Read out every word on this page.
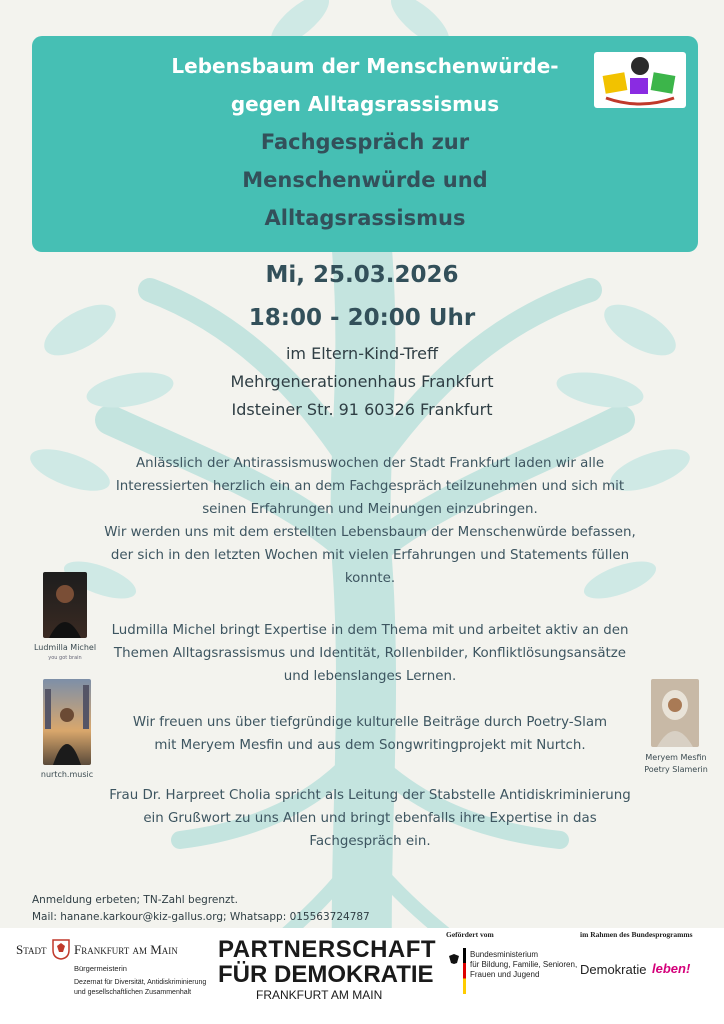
Lebensbaum der Menschenwürde-
gegen Alltagsrassismus
Fachgespräch zur
Menschenwürde und
Alltagsrassismus
Mi, 25.03.2026
18:00 - 20:00 Uhr
im Eltern-Kind-Treff
Mehrgenerationenhaus Frankfurt
Idsteiner Str. 91 60326 Frankfurt
Anlässlich der Antirassismuswochen der Stadt Frankfurt laden wir alle
Interessierten herzlich ein an dem Fachgespräch teilzunehmen und sich mit
seinen Erfahrungen und Meinungen einzubringen.
Wir werden uns mit dem erstellten Lebensbaum der Menschenwürde befassen,
der sich in den letzten Wochen mit vielen Erfahrungen und Statements füllen
konnte.
Ludmilla Michel bringt Expertise in dem Thema mit und arbeitet aktiv an den
Themen Alltagsrassismus und Identität, Rollenbilder, Konfliktlösungsansätze
und lebenslanges Lernen.
Wir freuen uns über tiefgründige kulturelle Beiträge durch Poetry-Slam
mit Meryem Mesfin und aus dem Songwritingprojekt mit Nurtch.
Frau Dr. Harpreet Cholia spricht als Leitung der Stabstelle Antidiskriminierung
ein Grußwort zu uns Allen und bringt ebenfalls ihre Expertise in das
Fachgespräch ein.
Ludmilla Michel
you got brain
nurtch.music
Meryem Mesfin
Poetry Slamerin
Anmeldung erbeten; TN-Zahl begrenzt.
Mail: hanane.karkour@kiz-gallus.org; Whatsapp: 015563724787
Stadt Frankfurt am Main
Bürgermeisterin
Dezernat für Diversität, Antidiskriminierung
und gesellschaftlichen Zusammenhalt
PARTNERSCHAFT
FÜR DEMOKRATIE
FRANKFURT AM MAIN
Gefördert vom
Bundesministerium
für Bildung, Familie, Senioren,
Frauen und Jugend
im Rahmen des Bundesprogramms
Demokratie leben!
